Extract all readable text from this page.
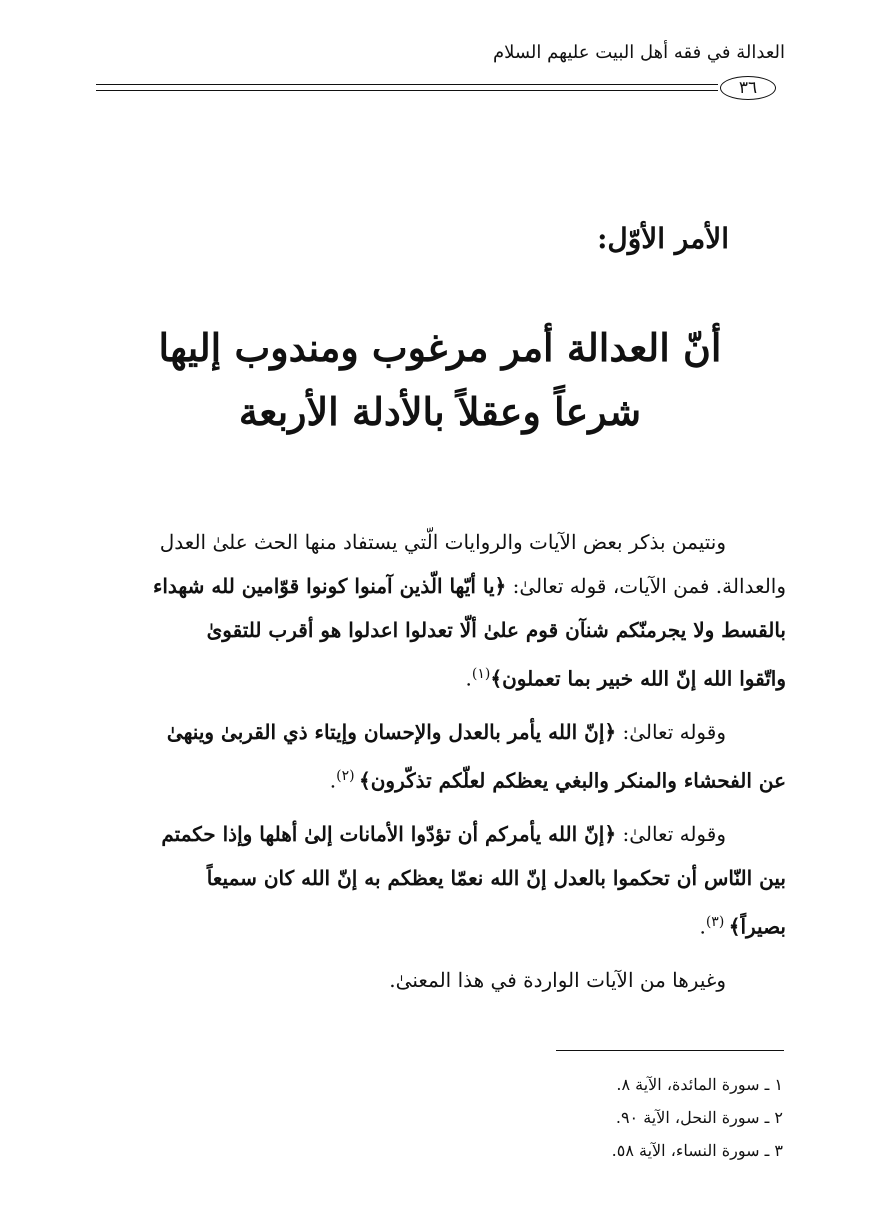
العدالة في فقه أهل البيت عليهم السلام
٣٦
الأمر الأوّل:
أنّ العدالة أمر مرغوب ومندوب إليها
شرعاً وعقلاً بالأدلة الأربعة
ونتيمن بذكر بعض الآيات والروايات الّتي يستفاد منها الحث علىٰ العدل
والعدالة. فمن الآيات، قوله تعالىٰ: ﴿يا أيّها الّذين آمنوا كونوا قوّامين لله شهداء
بالقسط ولا يجرمنّكم شنآن قوم علىٰ ألّا تعدلوا اعدلوا هو أقرب للتقوىٰ
واتّقوا الله إنّ الله خبير بما تعملون﴾$^{(١)}$.
وقوله تعالىٰ: ﴿إنّ الله يأمر بالعدل والإحسان وإيتاء ذي القربىٰ وينهىٰ
عن الفحشاء والمنكر والبغي يعظكم لعلّكم تذكّرون﴾ $^{(٢)}$.
وقوله تعالىٰ: ﴿إنّ الله يأمركم أن تؤدّوا الأمانات إلىٰ أهلها وإذا حكمتم
بين النّاس أن تحكموا بالعدل إنّ الله نعمّا يعظكم به إنّ الله كان سميعاً
بصيراً﴾ $^{(٣)}$.
وغيرها من الآيات الواردة في هذا المعنىٰ.
١ ـ سورة المائدة، الآية ٨.
٢ ـ سورة النحل، الآية ٩٠.
٣ ـ سورة النساء، الآية ٥٨.
